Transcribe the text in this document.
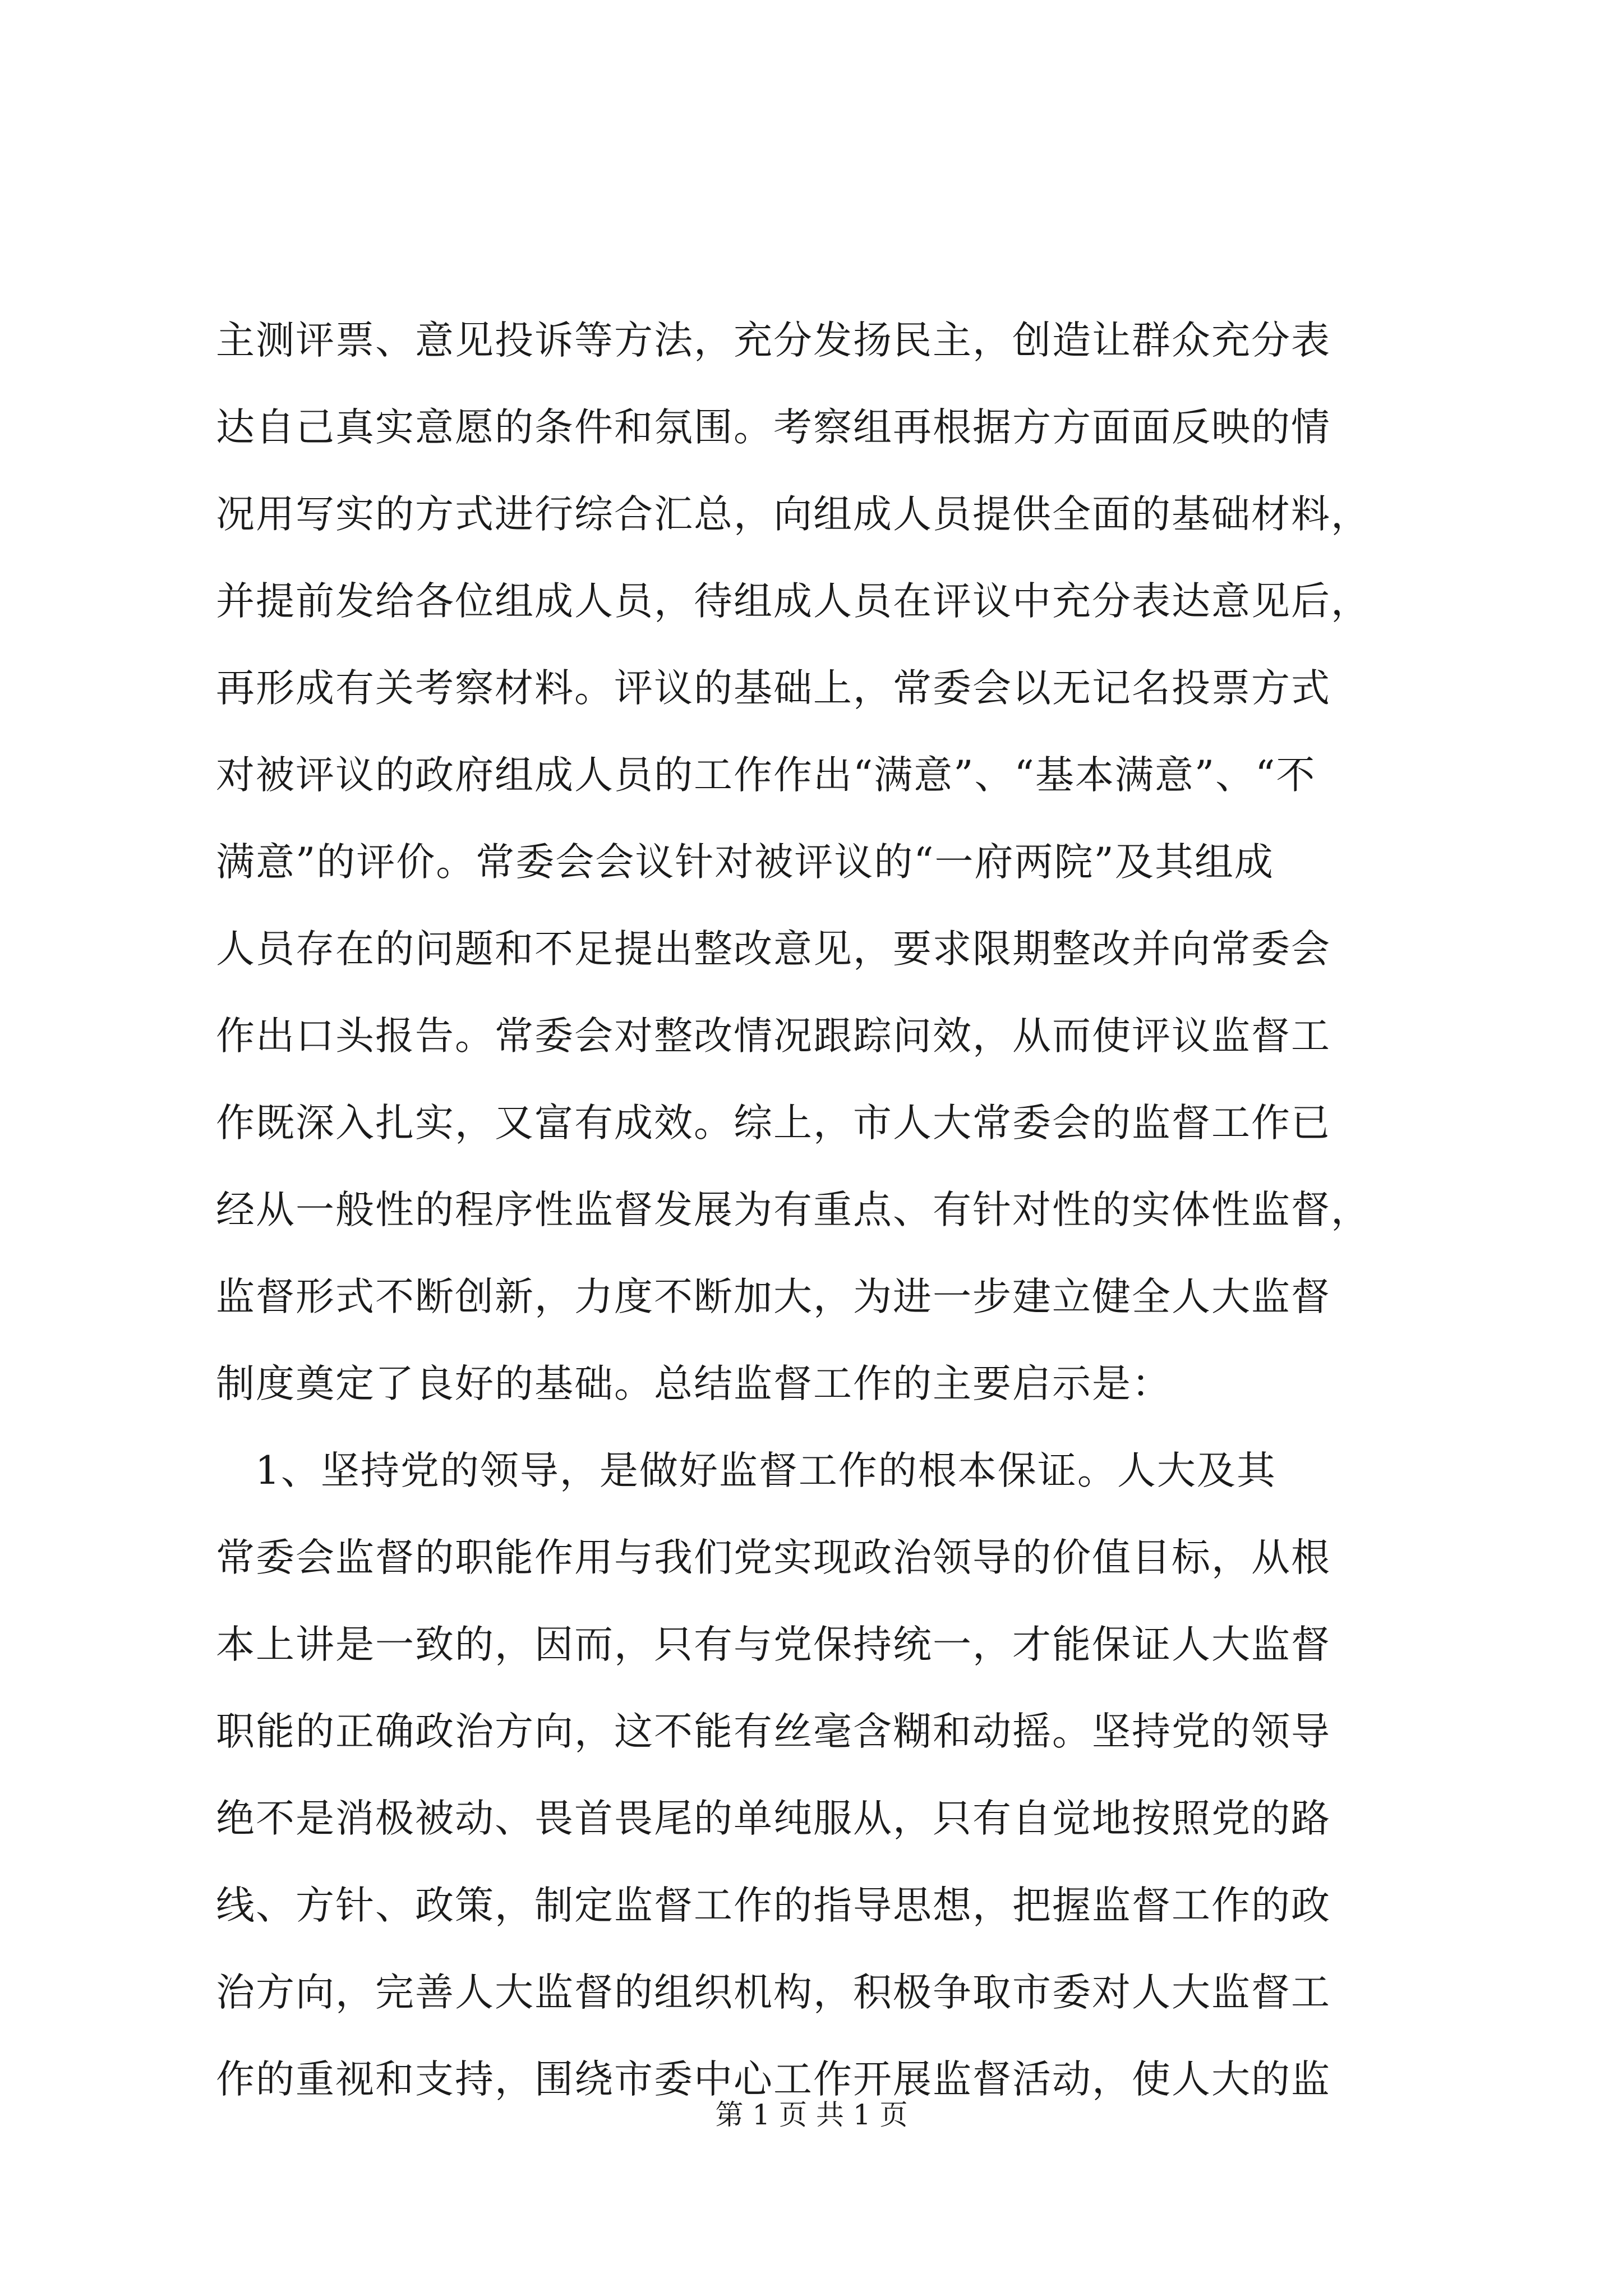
主测评票、意见投诉等方法，充分发扬民主，创造让群众充分表
达自己真实意愿的条件和氛围。考察组再根据方方面面反映的情
况用写实的方式进行综合汇总，向组成人员提供全面的基础材料，
并提前发给各位组成人员，待组成人员在评议中充分表达意见后，
再形成有关考察材料。评议的基础上，常委会以无记名投票方式
对被评议的政府组成人员的工作作出“满意”、“基本满意”、“不
满意”的评价。常委会会议针对被评议的“一府两院”及其组成
人员存在的问题和不足提出整改意见，要求限期整改并向常委会
作出口头报告。常委会对整改情况跟踪问效，从而使评议监督工
作既深入扎实，又富有成效。综上，市人大常委会的监督工作已
经从一般性的程序性监督发展为有重点、有针对性的实体性监督，
监督形式不断创新，力度不断加大，为进一步建立健全人大监督
制度奠定了良好的基础。总结监督工作的主要启示是：
1、坚持党的领导，是做好监督工作的根本保证。人大及其
常委会监督的职能作用与我们党实现政治领导的价值目标，从根
本上讲是一致的，因而，只有与党保持统一，才能保证人大监督
职能的正确政治方向，这不能有丝毫含糊和动摇。坚持党的领导
绝不是消极被动、畏首畏尾的单纯服从，只有自觉地按照党的路
线、方针、政策，制定监督工作的指导思想，把握监督工作的政
治方向，完善人大监督的组织机构，积极争取市委对人大监督工
作的重视和支持，围绕市委中心工作开展监督活动，使人大的监
第 1 页 共 1 页
